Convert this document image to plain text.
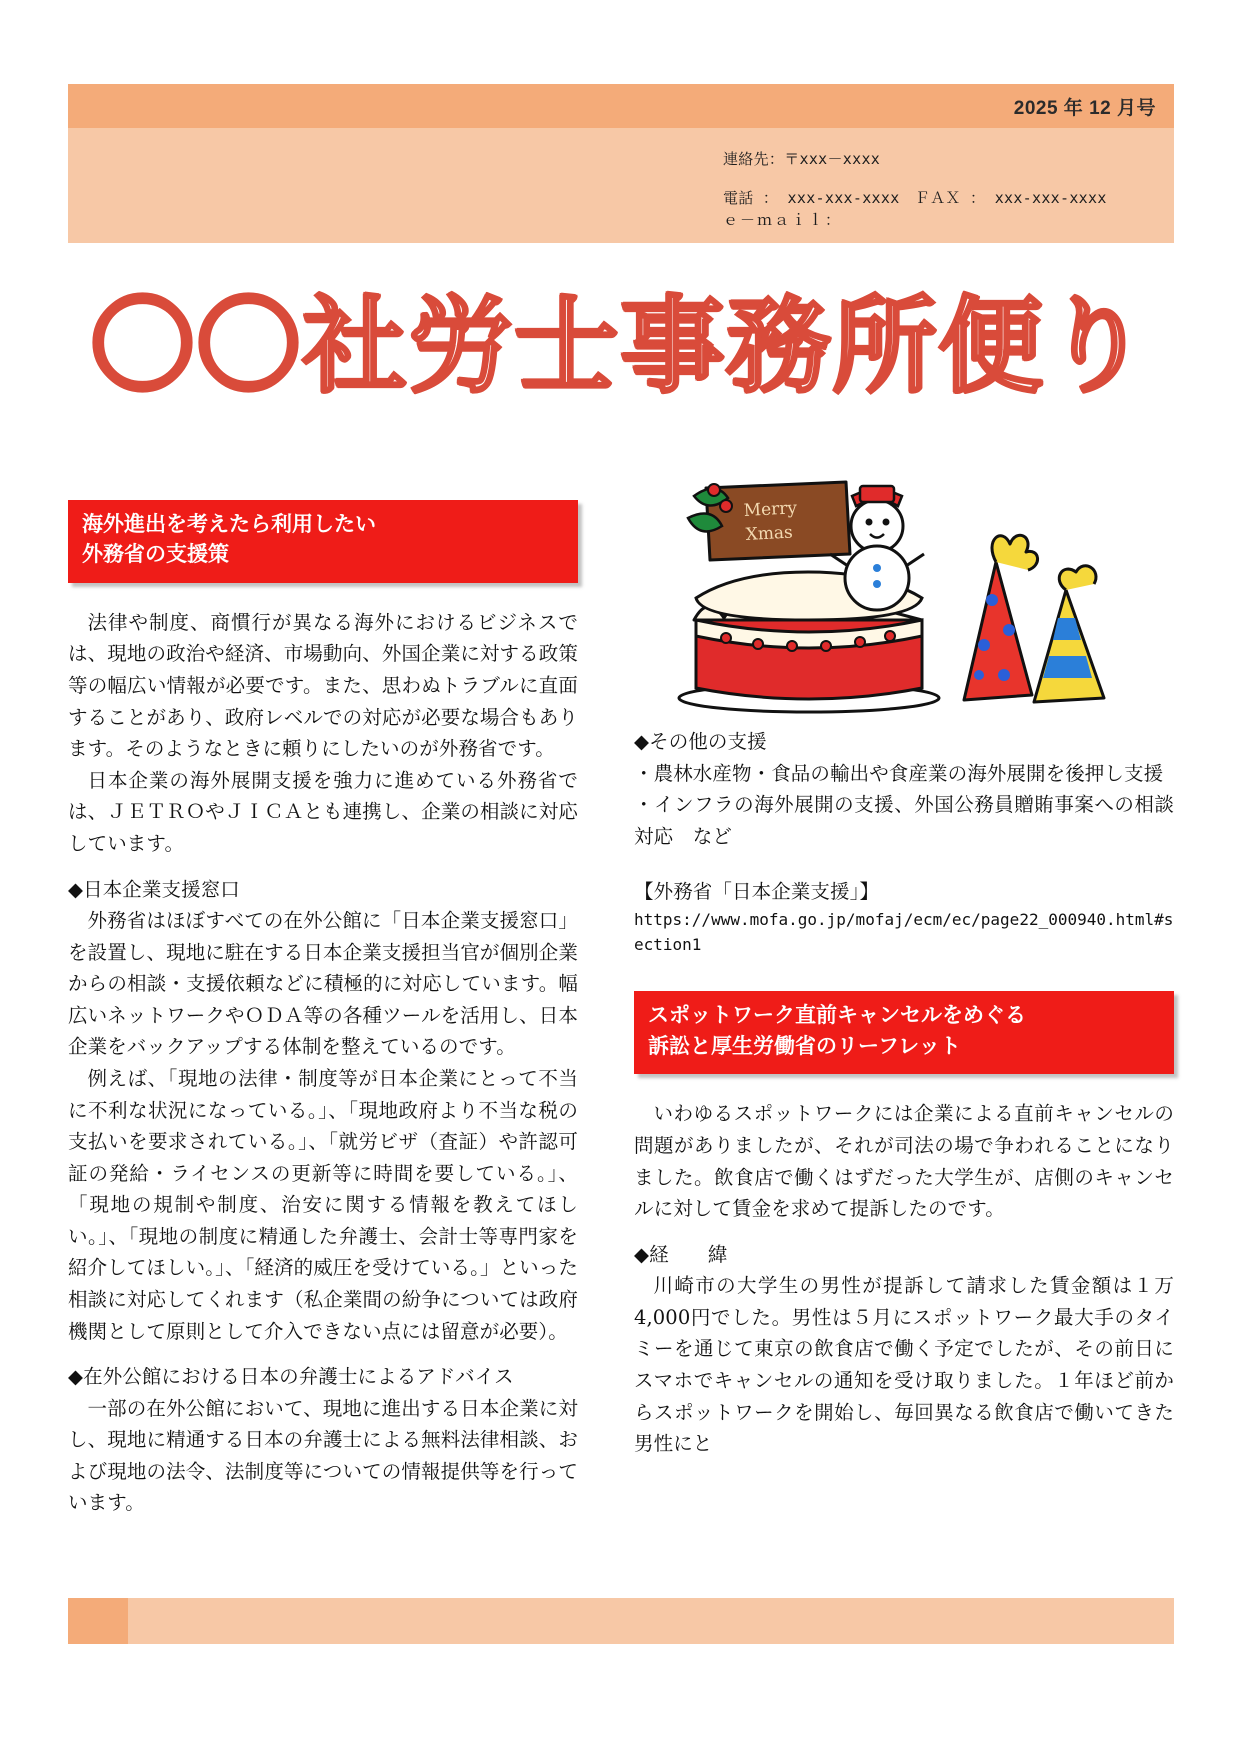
2025 年 12 月号
連絡先：〒xxx－xxxx
電話 ： xxx-xxx-xxxx　ＦＡＸ ： xxx-xxx-xxxx
ｅ－ｍａｉｌ：
〇〇社労士事務所便り
Merry
Xmas
海外進出を考えたら利用したい
外務省の支援策

法律や制度、商慣行が異なる海外におけるビジネスでは、現地の政治や経済、市場動向、外国企業に対する政策等の幅広い情報が必要です。また、思わぬトラブルに直面することがあり、政府レベルでの対応が必要な場合もあります。そのようなときに頼りにしたいのが外務省です。

日本企業の海外展開支援を強力に進めている外務省では、ＪＥＴＲＯやＪＩＣＡとも連携し、企業の相談に対応しています。

◆日本企業支援窓口

外務省はほぼすべての在外公館に「日本企業支援窓口」を設置し、現地に駐在する日本企業支援担当官が個別企業からの相談・支援依頼などに積極的に対応しています。幅広いネットワークやＯＤＡ等の各種ツールを活用し、日本企業をバックアップする体制を整えているのです。

例えば、「現地の法律・制度等が日本企業にとって不当に不利な状況になっている。」、「現地政府より不当な税の支払いを要求されている。」、「就労ビザ（査証）や許認可証の発給・ライセンスの更新等に時間を要している。」、「現地の規制や制度、治安に関する情報を教えてほしい。」、「現地の制度に精通した弁護士、会計士等専門家を紹介してほしい。」、「経済的威圧を受けている。」といった相談に対応してくれます（私企業間の紛争については政府機関として原則として介入できない点には留意が必要）。

◆在外公館における日本の弁護士によるアドバイス

一部の在外公館において、現地に進出する日本企業に対し、現地に精通する日本の弁護士による無料法律相談、および現地の法令、法制度等についての情報提供等を行っています。

◆その他の支援

・農林水産物・食品の輸出や食産業の海外展開を後押し支援

・インフラの海外展開の支援、外国公務員贈賄事案への相談対応　など

【外務省「日本企業支援」】

https://www.mofa.go.jp/mofaj/ecm/ec/page22_000940.html#section1
スポットワーク直前キャンセルをめぐる
訴訟と厚生労働省のリーフレット

いわゆるスポットワークには企業による直前キャンセルの問題がありましたが、それが司法の場で争われることになりました。飲食店で働くはずだった大学生が、店側のキャンセルに対して賃金を求めて提訴したのです。

◆経　　緯

川崎市の大学生の男性が提訴して請求した賃金額は１万4,000円でした。男性は５月にスポットワーク最大手のタイミーを通じて東京の飲食店で働く予定でしたが、その前日にスマホでキャンセルの通知を受け取りました。１年ほど前からスポットワークを開始し、毎回異なる飲食店で働いてきた男性にと
